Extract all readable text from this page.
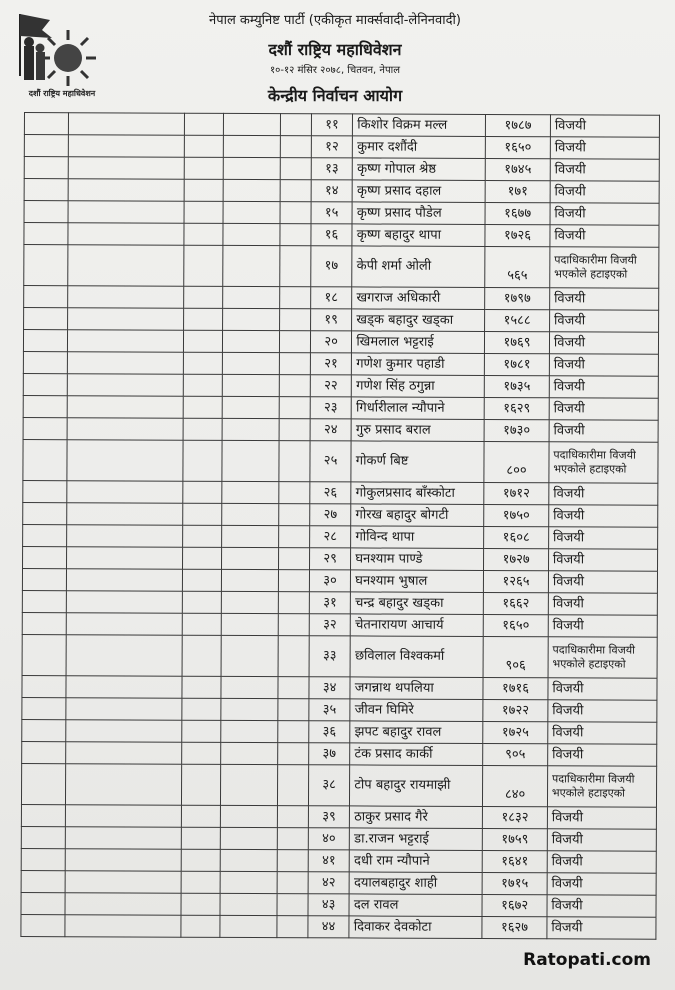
दशौं राष्ट्रिय महाधिवेशन
नेपाल कम्युनिष्ट पार्टी (एकीकृत मार्क्सवादी-लेनिनवादी)
दशौं राष्ट्रिय महाधिवेशन
१०-१२ मंसिर २०७८, चितवन, नेपाल
केन्द्रीय निर्वाचन आयोग
					११	किशोर विक्रम मल्ल	१७८७	विजयी
					१२	कुमार दशौंदी	१६५०	विजयी
					१३	कृष्ण गोपाल श्रेष्ठ	१७४५	विजयी
					१४	कृष्ण प्रसाद दहाल	१७१	विजयी
					१५	कृष्ण प्रसाद पौडेल	१६७७	विजयी
					१६	कृष्ण बहादुर थापा	१७२६	विजयी
					१७	केपी शर्मा ओली	५६५	पदाधिकारीमा विजयी भएकोले हटाइएको
					१८	खगराज अधिकारी	१७९७	विजयी
					१९	खड्क बहादुर खड्का	१५८८	विजयी
					२०	खिमलाल भट्टराई	१७६९	विजयी
					२१	गणेश कुमार पहाडी	१७८१	विजयी
					२२	गणेश सिंह ठगुन्ना	१७३५	विजयी
					२३	गिर्धारीलाल न्यौपाने	१६२९	विजयी
					२४	गुरु प्रसाद बराल	१७३०	विजयी
					२५	गोकर्ण बिष्ट	८००	पदाधिकारीमा विजयी भएकोले हटाइएको
					२६	गोकुलप्रसाद बाँस्कोटा	१७१२	विजयी
					२७	गोरख बहादुर बोगटी	१७५०	विजयी
					२८	गोविन्द थापा	१६०८	विजयी
					२९	घनश्याम पाण्डे	१७२७	विजयी
					३०	घनश्याम भुषाल	१२६५	विजयी
					३१	चन्द्र बहादुर खड्का	१६६२	विजयी
					३२	चेतनारायण आचार्य	१६५०	विजयी
					३३	छविलाल विश्वकर्मा	९०६	पदाधिकारीमा विजयी भएकोले हटाइएको
					३४	जगन्नाथ थपलिया	१७१६	विजयी
					३५	जीवन घिमिरे	१७२२	विजयी
					३६	झपट बहादुर रावल	१७२५	विजयी
					३७	टंक प्रसाद कार्की	९०५	विजयी
					३८	टोप बहादुर रायमाझी	८४०	पदाधिकारीमा विजयी भएकोले हटाइएको
					३९	ठाकुर प्रसाद गैरे	१८३२	विजयी
					४०	डा.राजन भट्टराई	१७५९	विजयी
					४१	दधी राम न्यौपाने	१६४१	विजयी
					४२	दयालबहादुर शाही	१७१५	विजयी
					४३	दल रावल	१६७२	विजयी
					४४	दिवाकर देवकोटा	१६२७	विजयी
Ratopati.com
